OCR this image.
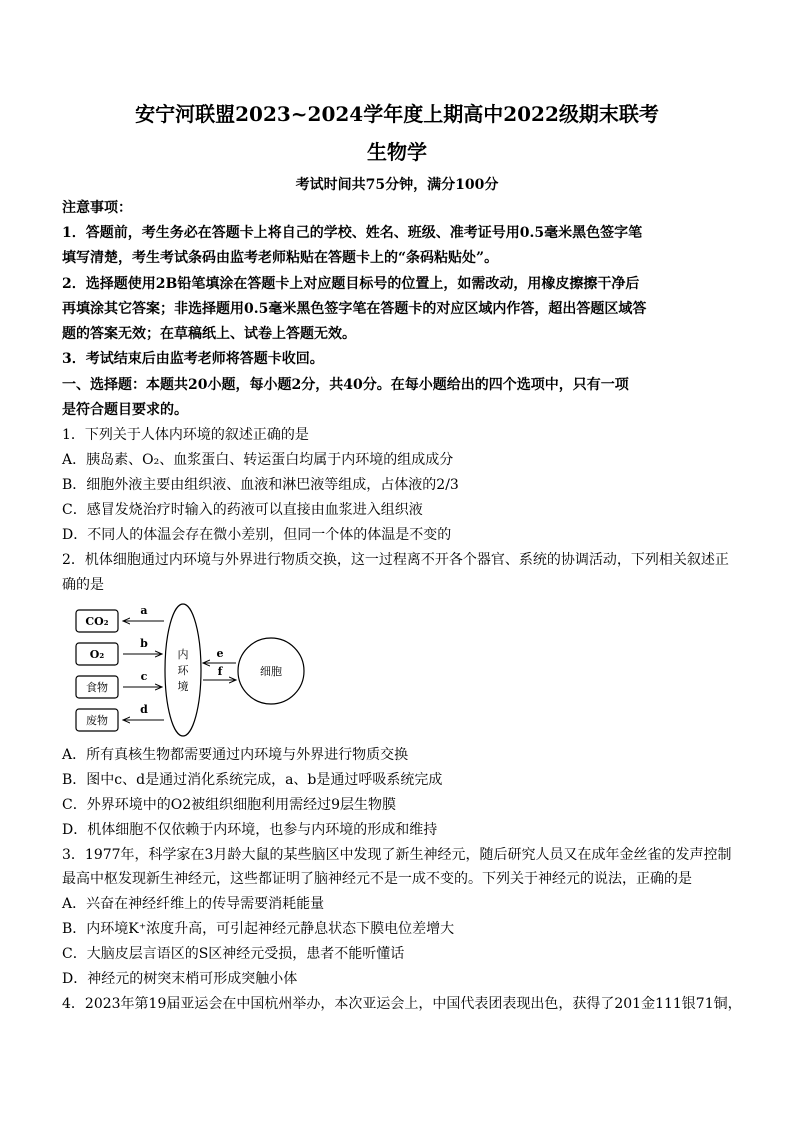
安宁河联盟2023~2024学年度上期高中2022级期末联考
生物学
考试时间共75分钟，满分100分
注意事项：
1．答题前，考生务必在答题卡上将自己的学校、姓名、班级、准考证号用0.5毫米黑色签字笔
填写清楚，考生考试条码由监考老师粘贴在答题卡上的“条码粘贴处”。
2．选择题使用2B铅笔填涂在答题卡上对应题目标号的位置上，如需改动，用橡皮擦擦干净后
再填涂其它答案；非选择题用0.5毫米黑色签字笔在答题卡的对应区域内作答，超出答题区域答
题的答案无效；在草稿纸上、试卷上答题无效。
3．考试结束后由监考老师将答题卡收回。
一、选择题：本题共20小题，每小题2分，共40分。在每小题给出的四个选项中，只有一项
是符合题目要求的。
1．下列关于人体内环境的叙述正确的是
A．胰岛素、O₂、血浆蛋白、转运蛋白均属于内环境的组成成分
B．细胞外液主要由组织液、血液和淋巴液等组成，占体液的2/3
C．感冒发烧治疗时输入的药液可以直接由血浆进入组织液
D．不同人的体温会存在微小差别，但同一个体的体温是不变的
2．机体细胞通过内环境与外界进行物质交换，这一过程离不开各个器官、系统的协调活动，下列相关叙述正
确的是
CO₂
O₂
食物
废物
内
环
境
细胞
a
b
c
d
e
f
A．所有真核生物都需要通过内环境与外界进行物质交换
B．图中c、d是通过消化系统完成，a、b是通过呼吸系统完成
C．外界环境中的O2被组织细胞利用需经过9层生物膜
D．机体细胞不仅依赖于内环境，也参与内环境的形成和维持
3．1977年，科学家在3月龄大鼠的某些脑区中发现了新生神经元，随后研究人员又在成年金丝雀的发声控制
最高中枢发现新生神经元，这些都证明了脑神经元不是一成不变的。下列关于神经元的说法，正确的是
A．兴奋在神经纤维上的传导需要消耗能量
B．内环境K⁺浓度升高，可引起神经元静息状态下膜电位差增大
C．大脑皮层言语区的S区神经元受损，患者不能听懂话
D．神经元的树突末梢可形成突触小体
4．2023年第19届亚运会在中国杭州举办，本次亚运会上，中国代表团表现出色，获得了201金111银71铜，
